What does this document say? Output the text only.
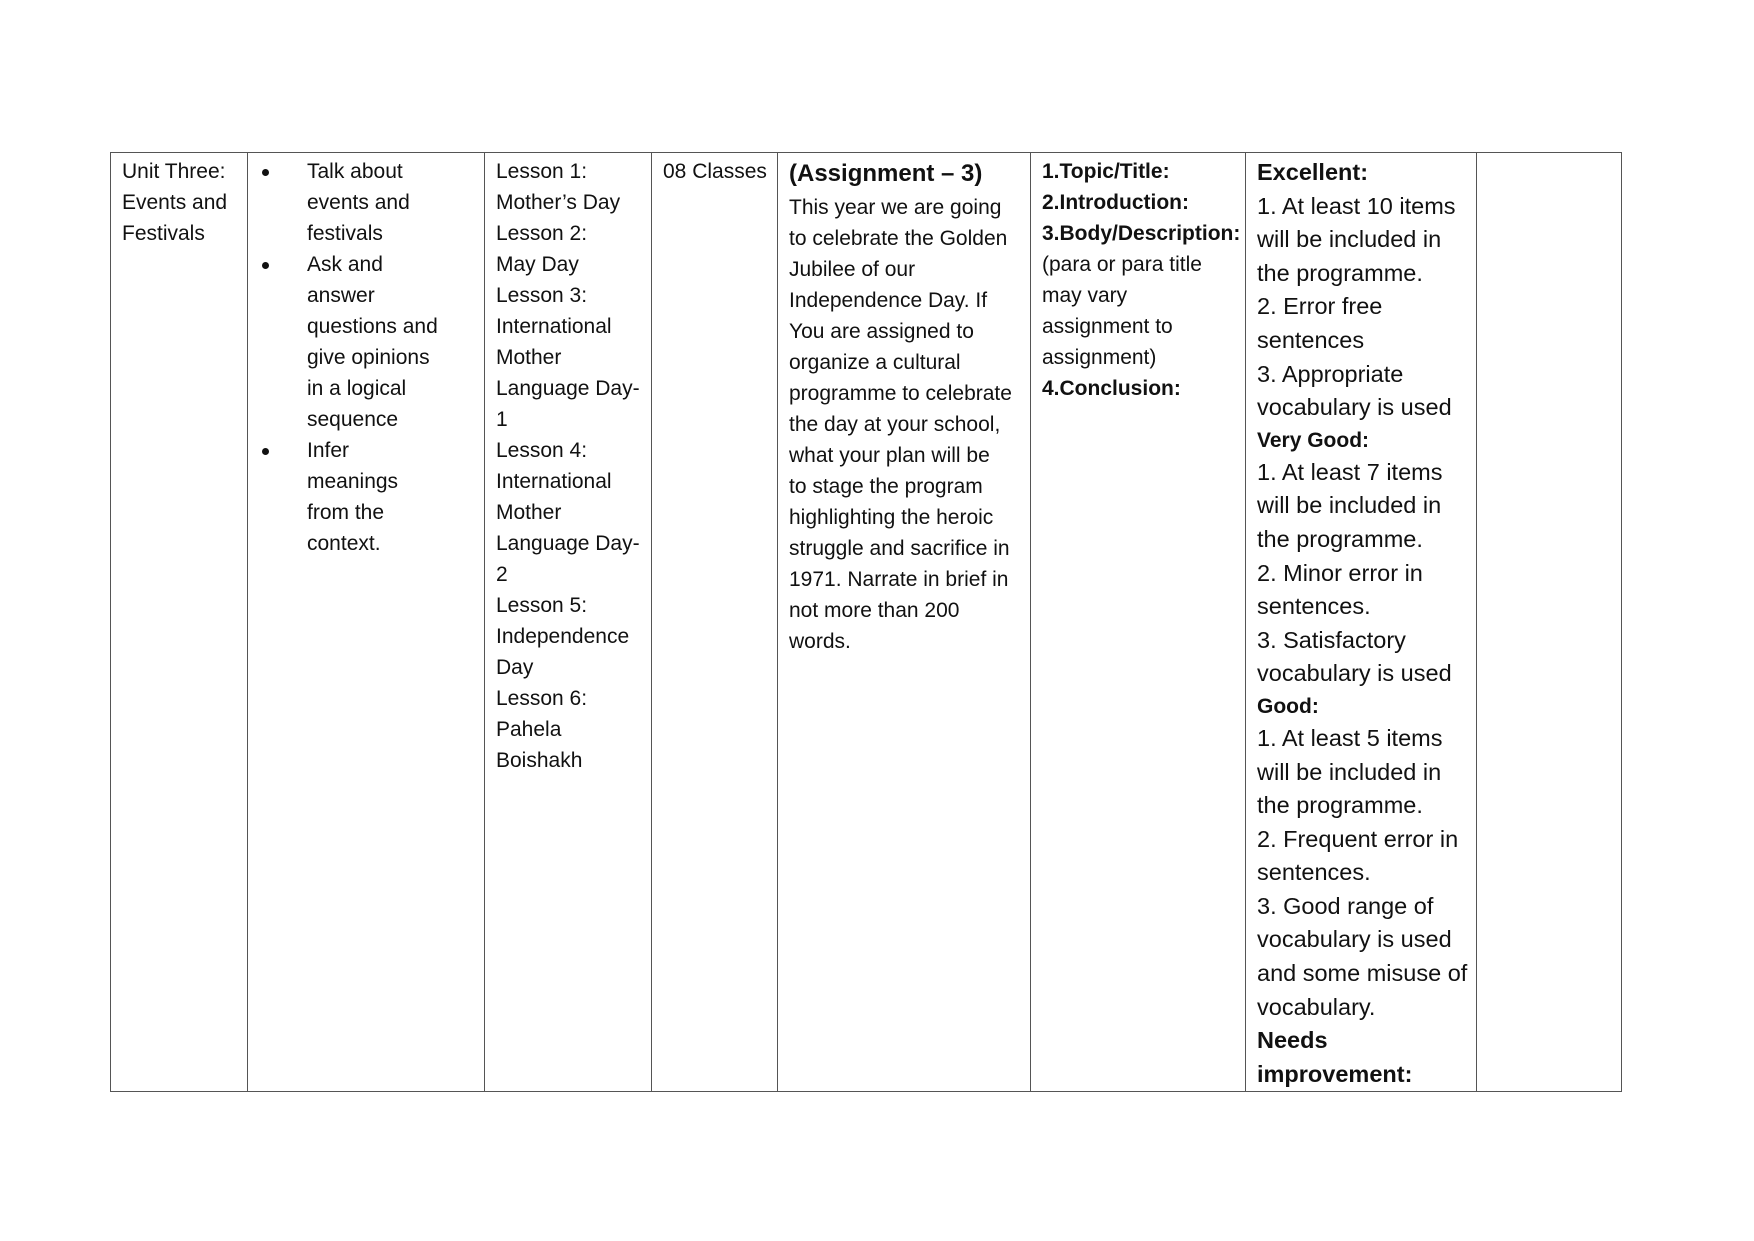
Unit Three:
Events and
Festivals

Talk about
events and
festivals
Ask and
answer
questions and
give opinions
in a logical
sequence
Infer
meanings
from the
context.

Lesson 1:
Mother’s Day
Lesson 2:
May Day
Lesson 3:
International
Mother
Language Day-
1
Lesson 4:
International
Mother
Language Day-
2
Lesson 5:
Independence
Day
Lesson 6:
Pahela
Boishakh

08 Classes	(Assignment – 3)
This year we are going
to celebrate the Golden
Jubilee of our
Independence Day. If
You are assigned to
organize a cultural
programme to celebrate
the day at your school,
what your plan will be
to stage the program
highlighting the heroic
struggle and sacrifice in
1971. Narrate in brief in
not more than 200
words.

1.Topic/Title:
2.Introduction:
3.Body/Description:
(para or para title
may vary
assignment to
assignment)
4.Conclusion:

Excellent:
1. At least 10 items
will be included in
the programme.
2. Error free
sentences
3. Appropriate
vocabulary is used
Very Good:
1. At least 7 items
will be included in
the programme.
2. Minor error in
sentences.
3. Satisfactory
vocabulary is used
Good:
1. At least 5 items
will be included in
the programme.
2. Frequent error in
sentences.
3. Good range of
vocabulary is used
and some misuse of
vocabulary.
Needs
improvement:
